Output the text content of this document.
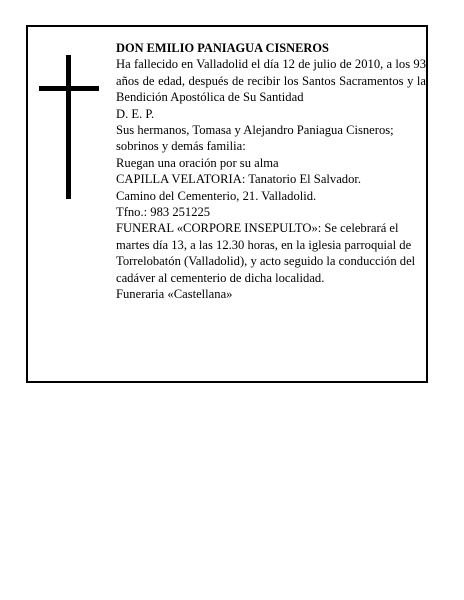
DON EMILIO PANIAGUA CISNEROS

Ha fallecido en Valladolid el día 12 de julio de 2010, a los 93 años de edad, después de recibir los Santos Sacramentos y la Bendición Apostólica de Su Santidad

D. E. P.

Sus hermanos, Tomasa y Alejandro Paniagua Cisneros; sobrinos y demás familia:

Ruegan una oración por su alma

CAPILLA VELATORIA: Tanatorio El Salvador.

Camino del Cementerio, 21. Valladolid.

Tfno.: 983 251225

FUNERAL «CORPORE INSEPULTO»: Se celebrará el martes día 13, a las 12.30 horas, en la iglesia parroquial de Torrelobatón (Valladolid), y acto seguido la conducción del cadáver al cementerio de dicha localidad.

Funeraria «Castellana»
